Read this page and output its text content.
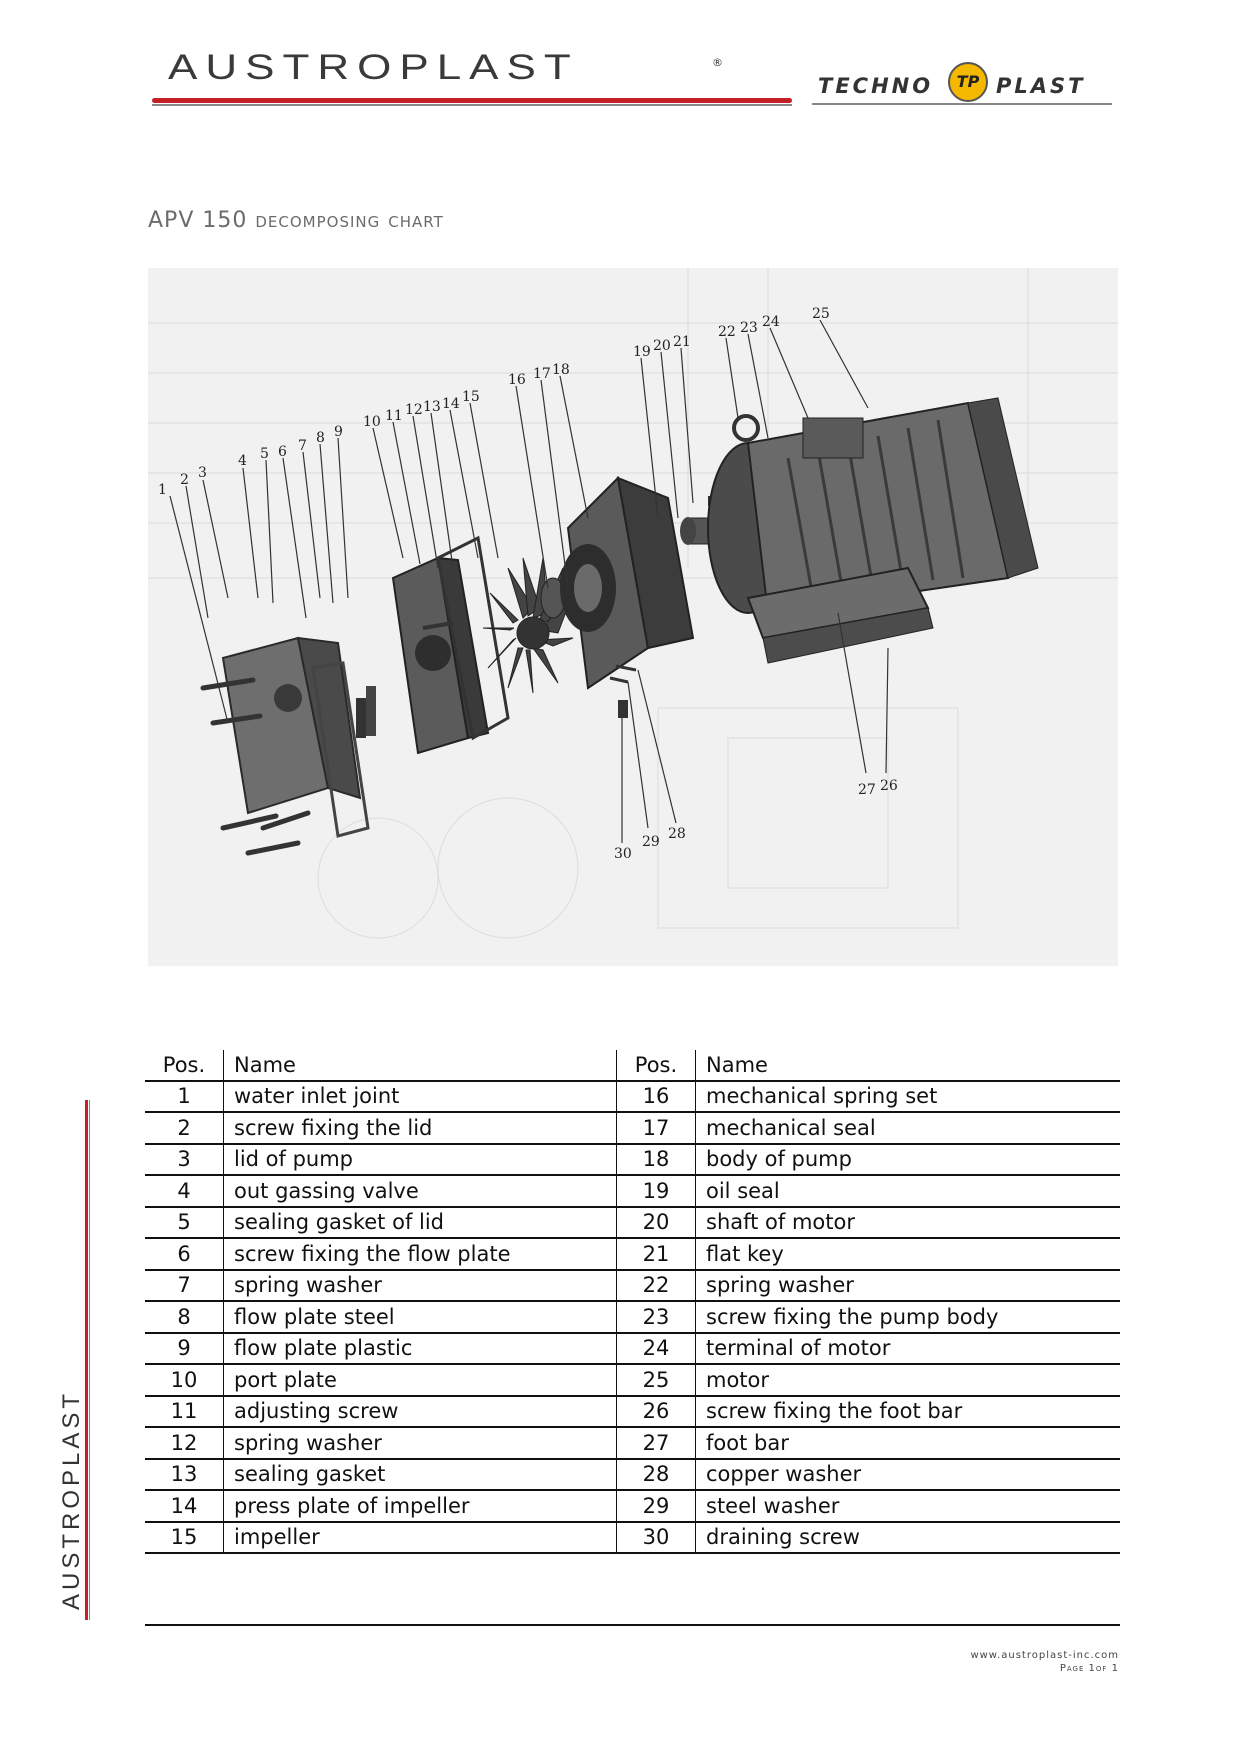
AUSTROPLAST	®
TECHNO	TP PLAST
APV 150 decomposing chart
1
2 3
4 5 6 7 8 9
10 11 12 13 14 15
16 17 18
19 20 21
22 23 24 25
26
27
28
29
30
Pos.	Name	Pos.	Name
1	water inlet joint	16	mechanical spring set
2	screw fixing the lid	17	mechanical seal
3	lid of pump	18	body of pump
4	out gassing valve	19	oil seal
5	sealing gasket of lid	20	shaft of motor
6	screw fixing the flow plate	21	flat key
7	spring washer	22	spring washer
8	flow plate steel	23	screw fixing the pump body
9	flow plate plastic	24	terminal of motor
10	port plate	25	motor
11	adjusting screw	26	screw fixing the foot bar
12	spring washer	27	foot bar
13	sealing gasket	28	copper washer
14	press plate of impeller	29	steel washer
15	impeller	30	draining screw
www.austroplast-inc.com
Page 1of 1
AUSTROPLAST
